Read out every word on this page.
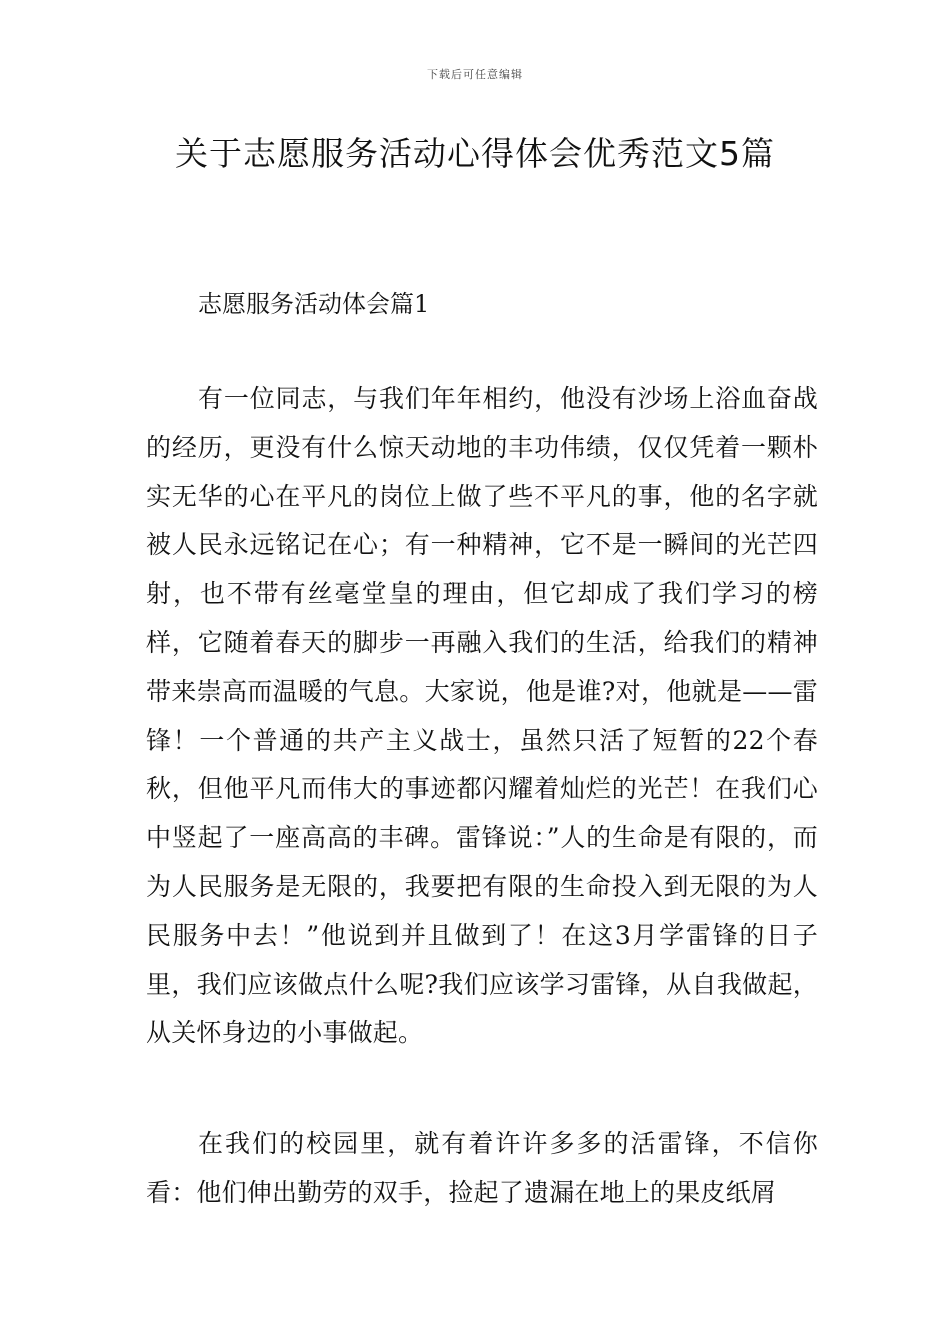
下载后可任意编辑
关于志愿服务活动心得体会优秀范文5篇
志愿服务活动体会篇1

有一位同志，与我们年年相约，他没有沙场上浴血奋战的经历，更没有什么惊天动地的丰功伟绩，仅仅凭着一颗朴实无华的心在平凡的岗位上做了些不平凡的事，他的名字就被人民永远铭记在心；有一种精神，它不是一瞬间的光芒四射，也不带有丝毫堂皇的理由，但它却成了我们学习的榜样，它随着春天的脚步一再融入我们的生活，给我们的精神带来崇高而温暖的气息。大家说，他是谁?对，他就是——雷锋！一个普通的共产主义战士，虽然只活了短暂的22个春秋，但他平凡而伟大的事迹都闪耀着灿烂的光芒！在我们心中竖起了一座高高的丰碑。雷锋说：”人的生命是有限的，而为人民服务是无限的，我要把有限的生命投入到无限的为人民服务中去！”他说到并且做到了！在这3月学雷锋的日子里，我们应该做点什么呢?我们应该学习雷锋，从自我做起，从关怀身边的小事做起。

在我们的校园里，就有着许许多多的活雷锋，不信你看：他们伸出勤劳的双手，捡起了遗漏在地上的果皮纸屑
